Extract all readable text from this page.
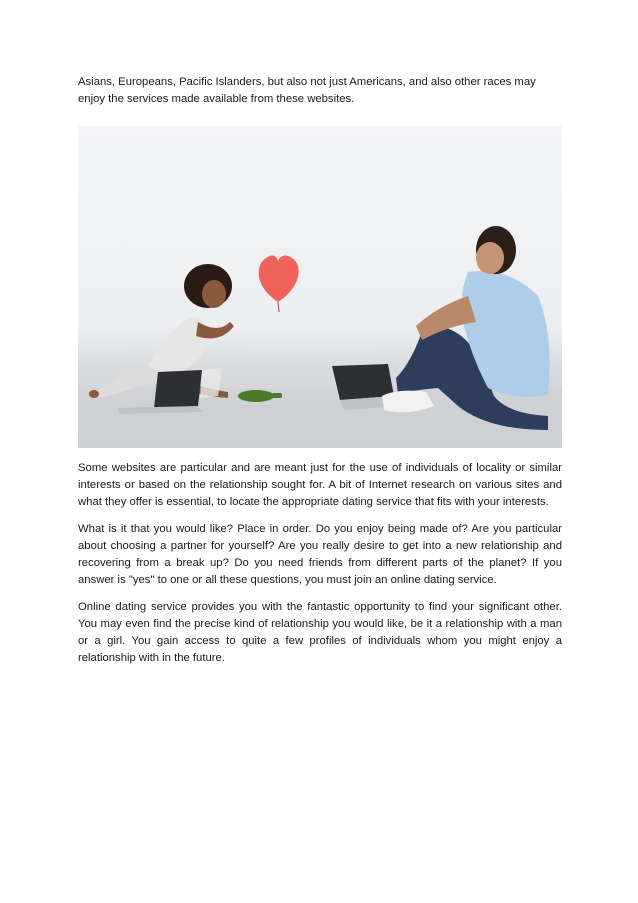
Asians, Europeans, Pacific Islanders, but also not just Americans, and also other races may enjoy the services made available from these websites.

Some websites are particular and are meant just for the use of individuals of locality or similar interests or based on the relationship sought for. A bit of Internet research on various sites and what they offer is essential, to locate the appropriate dating service that fits with your interests.

What is it that you would like? Place in order. Do you enjoy being made of? Are you particular about choosing a partner for yourself? Are you really desire to get into a new relationship and recovering from a break up? Do you need friends from different parts of the planet? If you answer is "yes" to one or all these questions, you must join an online dating service.

Online dating service provides you with the fantastic opportunity to find your significant other. You may even find the precise kind of relationship you would like, be it a relationship with a man or a girl. You gain access to quite a few profiles of individuals whom you might enjoy a relationship with in the future.
